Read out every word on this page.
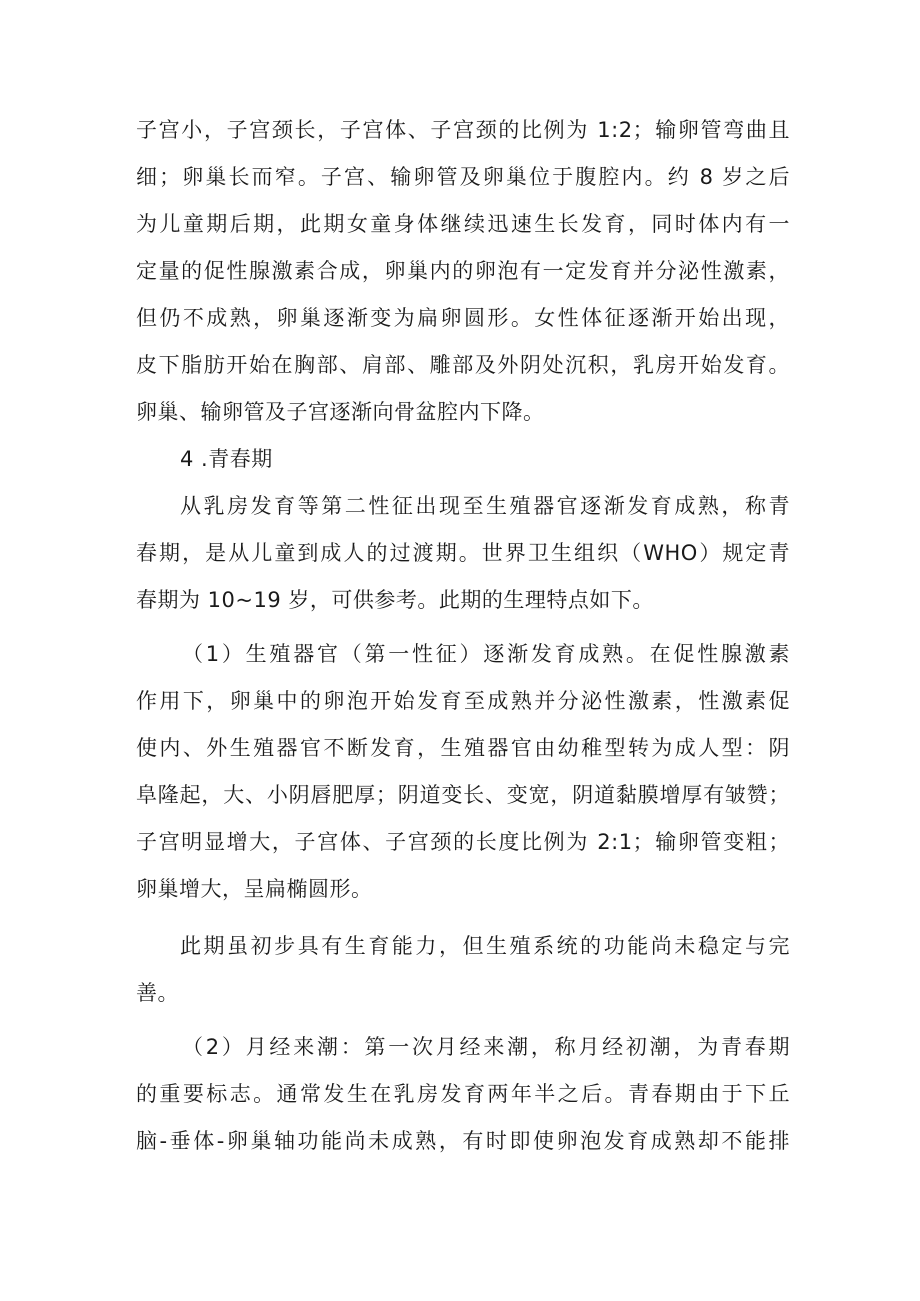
子宫小，子宫颈长，子宫体、子宫颈的比例为 1:2；输卵管弯曲且
细；卵巢长而窄。子宫、输卵管及卵巢位于腹腔内。约 8 岁之后
为儿童期后期，此期女童身体继续迅速生长发育，同时体内有一
定量的促性腺激素合成，卵巢内的卵泡有一定发育并分泌性激素，
但仍不成熟，卵巢逐渐变为扁卵圆形。女性体征逐渐开始出现，
皮下脂肪开始在胸部、肩部、雕部及外阴处沉积，乳房开始发育。
卵巢、输卵管及子宫逐渐向骨盆腔内下降。
4 .青春期
从乳房发育等第二性征出现至生殖器官逐渐发育成熟，称青
春期，是从儿童到成人的过渡期。世界卫生组织（WHO）规定青
春期为 10~19 岁，可供参考。此期的生理特点如下。
（1）生殖器官（第一性征）逐渐发育成熟。在促性腺激素
作用下，卵巢中的卵泡开始发育至成熟并分泌性激素，性激素促
使内、外生殖器官不断发育，生殖器官由幼稚型转为成人型：阴
阜隆起，大、小阴唇肥厚；阴道变长、变宽，阴道黏膜增厚有皱赞；
子宫明显增大，子宫体、子宫颈的长度比例为 2:1；输卵管变粗；
卵巢增大，呈扁椭圆形。
此期虽初步具有生育能力，但生殖系统的功能尚未稳定与完
善。
（2）月经来潮：第一次月经来潮，称月经初潮，为青春期
的重要标志。通常发生在乳房发育两年半之后。青春期由于下丘
脑-垂体-卵巢轴功能尚未成熟，有时即使卵泡发育成熟却不能排
